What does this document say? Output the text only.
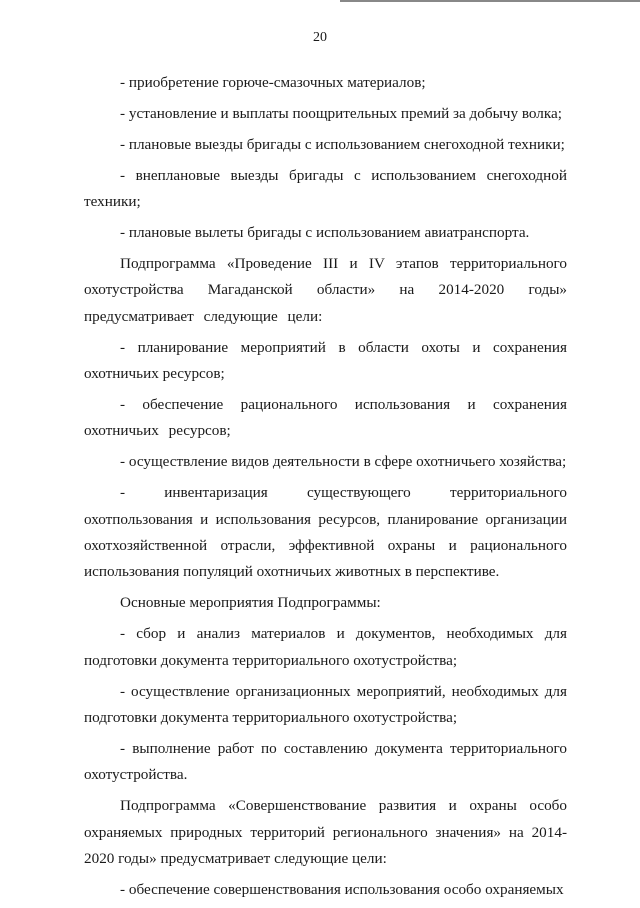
20

- приобретение горюче-смазочных материалов;

- установление и выплаты поощрительных премий за добычу волка;

- плановые выезды бригады с использованием снегоходной техники;

- внеплановые выезды бригады с использованием снегоходной техники;

- плановые вылеты бригады с использованием авиатранспорта.

Подпрограмма «Проведение III и IV этапов территориального охотустройства Магаданской области» на 2014-2020 годы» предусматривает следующие цели:

- планирование мероприятий в области охоты и сохранения охотничьих ресурсов;

- обеспечение рационального использования и сохранения охотничьих ресурсов;

- осуществление видов деятельности в сфере охотничьего хозяйства;

- инвентаризация существующего территориального охотпользования и использования ресурсов, планирование организации охотхозяйственной отрасли, эффективной охраны и рационального использования популяций охотничьих животных в перспективе.

Основные мероприятия Подпрограммы:

- сбор и анализ материалов и документов, необходимых для подготовки документа территориального охотустройства;

- осуществление организационных мероприятий, необходимых для подготовки документа территориального охотустройства;

- выполнение работ по составлению документа территориального охотустройства.

Подпрограмма «Совершенствование развития и охраны особо охраняемых природных территорий регионального значения» на 2014-2020 годы» предусматривает следующие цели:

- обеспечение совершенствования использования особо охраняемых
